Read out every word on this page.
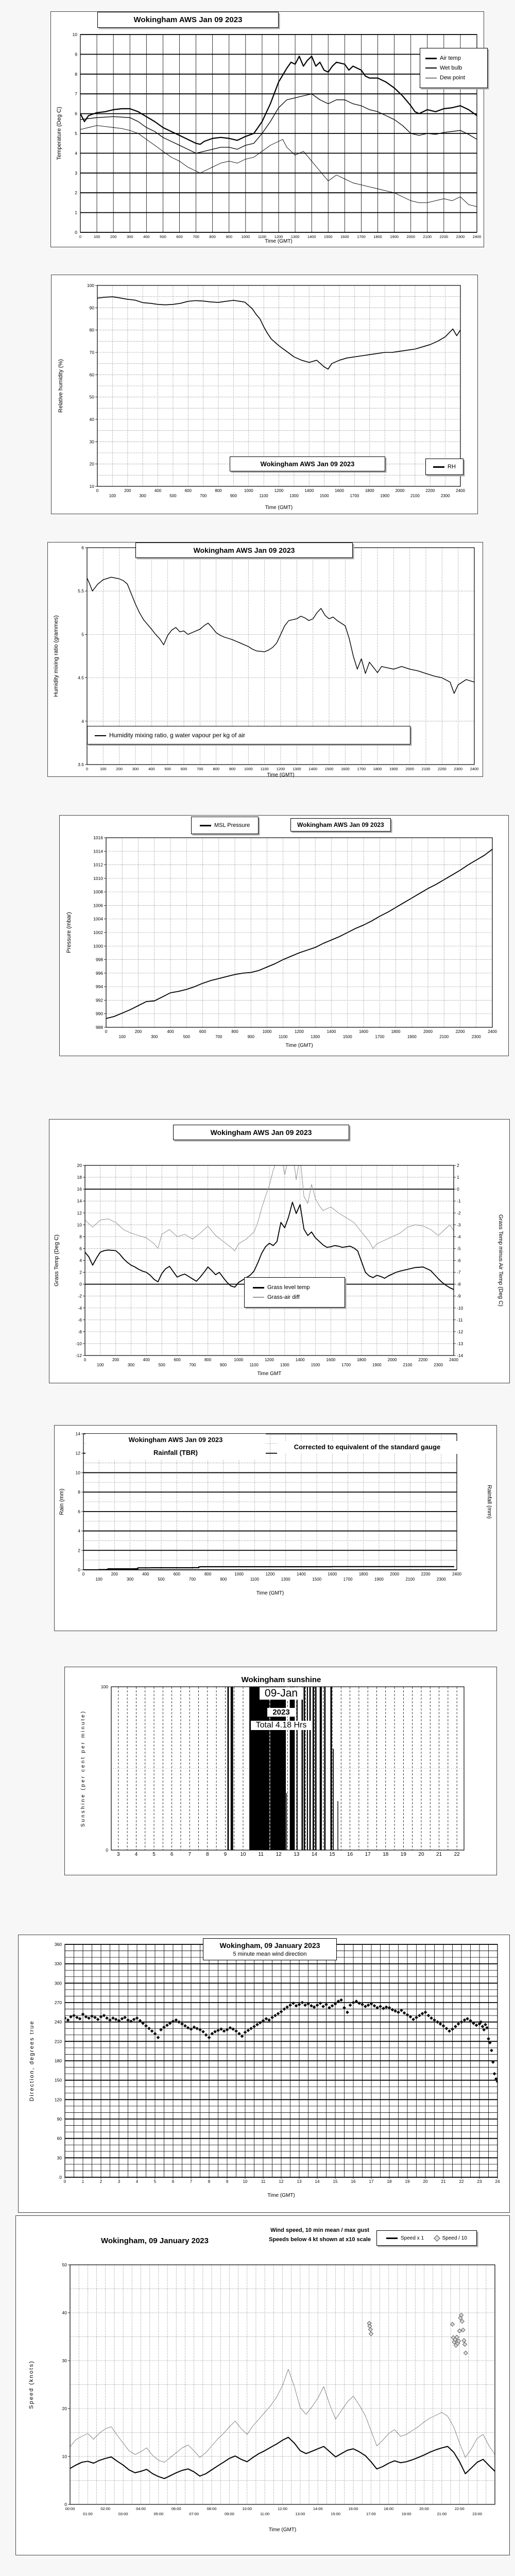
0	100	200	300	400	500	600	700	800	900 1000 1100 1200 1300 1400 1500 1600 1700 1800 1900 2000 2100 2200 2300 2400
0
1
2
3
4
5
6
7
8
9
10
Wokingham AWS Jan 09 2023
Air temp
Wet bulb
Dew point
Temperature (Deg C)
Time (GMT)
0
100
200
300
400
500
600
700
800
900
1000
1100
1200
1300
1400
1500
1600
1700
1800
1900
2000
2100
2200
2300
2400
10
20
30
40
50
60
70
80
90
100
Wokingham AWS Jan 09 2023	RH
Relative humidity (%)
Time (GMT)
0	100	200	300	400	500	600	700	800	900 1000 1100 1200 1300 1400 1500 1600 1700 1800 1900 2000 2100 2200 2300 2400
3.5
4
4.5
5
5.5
6	Wokingham AWS Jan 09 2023
Humidity mixing ratio, g water vapour per kg of air
Humidity mixing ratio (grammes)
Time (GMT)
0
100
200
300
400
500
600
700
800
900
1000
1100
1200
1300
1400
1500
1600
1700
1800
1900
2000
2100
2200
2300
2400
988
990
992
994
996
998
1000
1002
1004
1006
1008
1010
1012
1014
1016
MSL Pressure	Wokingham AWS Jan 09 2023
Pressure (mbar)
Time (GMT)
0
100
200
300
400
500
600
700
800
900
1000
1100
1200
1300
1400
1500
1600
1700
1800
1900
2000
2100
2200
2300
2400
-12
-10
-8
-6
-4
-2
0
2
4
6
8
10
12
14
16
18
20
-14
-13
-12
-11
-10
-9
-8
-7
-6
-5
-4
-3
-2
-1
0
1
2
Wokingham AWS Jan 09 2023
Grass level temp
Grass-air diff
Grass Temp (Deg C)	Grass Temp minus Air Temp (Deg C)
Time GMT
0
100
200
300
400
500
600
700
800
900
1000
1100
1200
1300
1400
1500
1600
1700
1800
1900
2000
2100
2200
2300
2400
0
2
4
6
8
10
12
14
Wokingham AWS Jan 09 2023
Rainfall (TBR)
Corrected to equivalent of the standard gauge
Rain (mm)	Rainfall (mm)
Time (GMT)
3	4	5	6	7	8	9	10 11 12 13 14 15 16 17 18 19 20 21 22
0
100
Wokingham sunshine
09-Jan
2023
Total 4.18 Hrs
Sunshine (per cent per minute)
0	1	2	3	4	5	6	7	8	9	10	11	12	13	14	15	16	17	18	19	20	21	22	23	24
0
30
60
90
120
150
180
210
240
270
300
330
360	Wokingham, 09 January 2023
5 minute mean wind direction
Direction, degrees true
Time (GMT)
00:00
01:00
02:00
03:00
04:00
05:00
06:00
07:00
08:00
09:00
10:00
11:00
12:00
13:00
14:00
15:00
16:00
17:00
18:00
19:00
20:00
21:00
22:00
23:00
0
10
20
30
40
50
Wokingham, 09 January 2023
Wind speed, 10 min mean / max gust
Speeds below 4 kt shown at x10 scale	Speed x 1	Speed / 10
Speed (knots)
Time (GMT)
